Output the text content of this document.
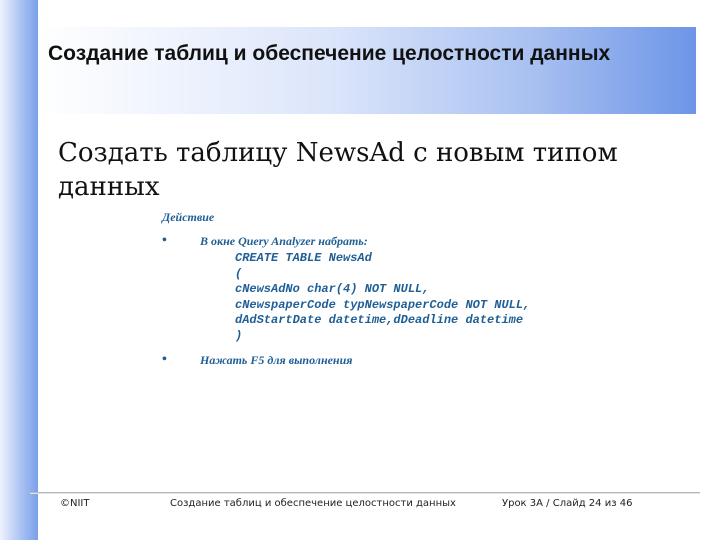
Создание таблиц и обеспечение целостности данных

Создать таблицу NewsAd с новым типом данных

Действие
•	В окне Query Analyzer набрать:
CREATE TABLE NewsAd
(
cNewsAdNo char(4) NOT NULL,
cNewspaperCode typNewspaperCode NOT NULL,
dAdStartDate datetime,dDeadline datetime
)
•	Нажать F5 для выполнения
©NIIT	Создание таблиц и обеспечение целостности данных	Урок 3A / Слайд 24 из 46
